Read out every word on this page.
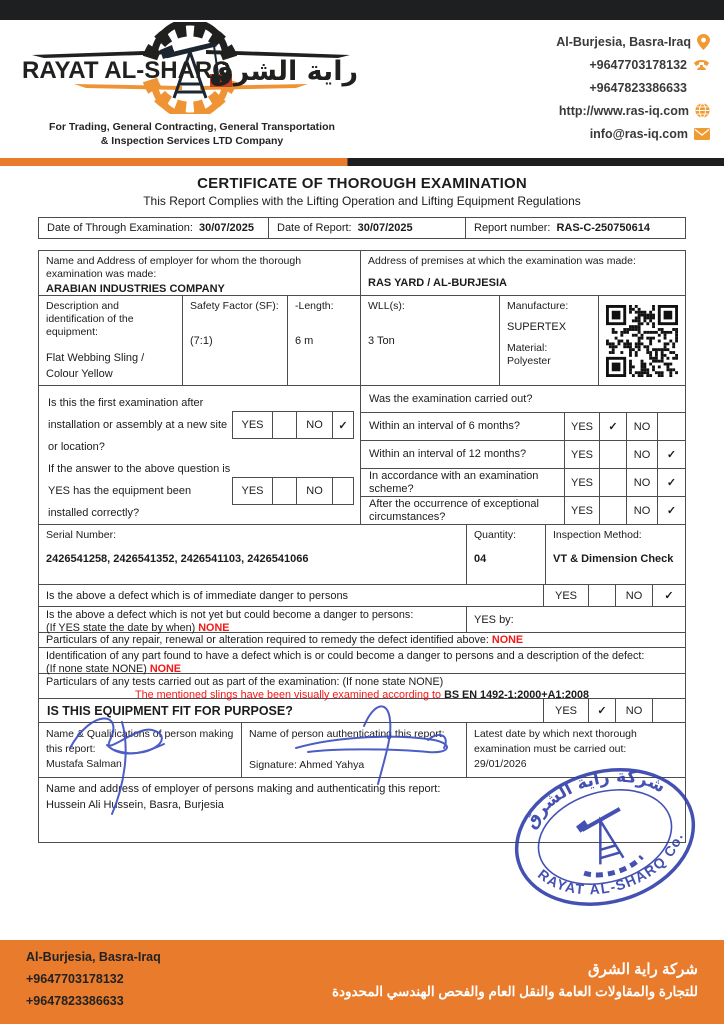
RAYAT AL-SHARQ
راية الشرق
For Trading, General Contracting, General Transportation
& Inspection Services LTD Company
Al-Burjesia, Basra-Iraq
+9647703178132
+9647823386633
http://www.ras-iq.com
info@ras-iq.com
CERTIFICATE OF THOROUGH EXAMINATION
This Report Complies with the Lifting Operation and Lifting Equipment Regulations
Date of Through Examination: 30/07/2025 Date of Report: 30/07/2025	Report number: RAS-C-250750614
Name and Address of employer for whom the thorough examination was made:
ARABIAN INDUSTRIES COMPANY
Address of premises at which the examination was made:
RAS YARD / AL-BURJESIA
Description and identification of the equipment:
Flat Webbing Sling / Colour Yellow
Safety Factor (SF):
(7:1)
-Length:
6 m
WLL(s):
3 Ton
Manufacture:
SUPERTEX
Material:
Polyester
Is this the first examination after installation or assembly at a new site or location?
YES	NO	✓
If the answer to the above question is YES has the equipment been installed correctly?
YES	NO
Was the examination carried out?
Within an interval of 6 months?	YES	✓	NO
Within an interval of 12 months?	YES	NO	✓
In accordance with an examination scheme?	YES	NO	✓
After the occurrence of exceptional circumstances?	YES	NO	✓
Serial Number:
2426541258, 2426541352, 2426541103, 2426541066
Quantity:
04
Inspection Method:
VT & Dimension Check
Is the above a defect which is of immediate danger to persons	YES	NO	✓
Is the above a defect which is not yet but could become a danger to persons:
(If YES state the date by when) NONE
YES by:
Particulars of any repair, renewal or alteration required to remedy the defect identified above: NONE
Identification of any part found to have a defect which is or could become a danger to persons and a description of the defect:
(If none state NONE) NONE
Particulars of any tests carried out as part of the examination: (If none state NONE)
The mentioned slings have been visually examined according to BS EN 1492-1:2000+A1:2008
IS THIS EQUIPMENT FIT FOR PURPOSE?	YES	✓	NO
Name & Qualifications of person making this report:
Mustafa Salman
Name of person authenticating this report:
Signature: Ahmed Yahya
Latest date by which next thorough examination must be carried out:
29/01/2026
Name and address of employer of persons making and authenticating this report:
Hussein Ali Hussein, Basra, Burjesia
شركة راية الشرق
RAYAT AL-SHARQ Co.
Al-Burjesia, Basra-Iraq
+9647703178132
+9647823386633
شركة راية الشرق
للتجارة والمقاولات العامة والنقل العام والفحص الهندسي المحدودة
